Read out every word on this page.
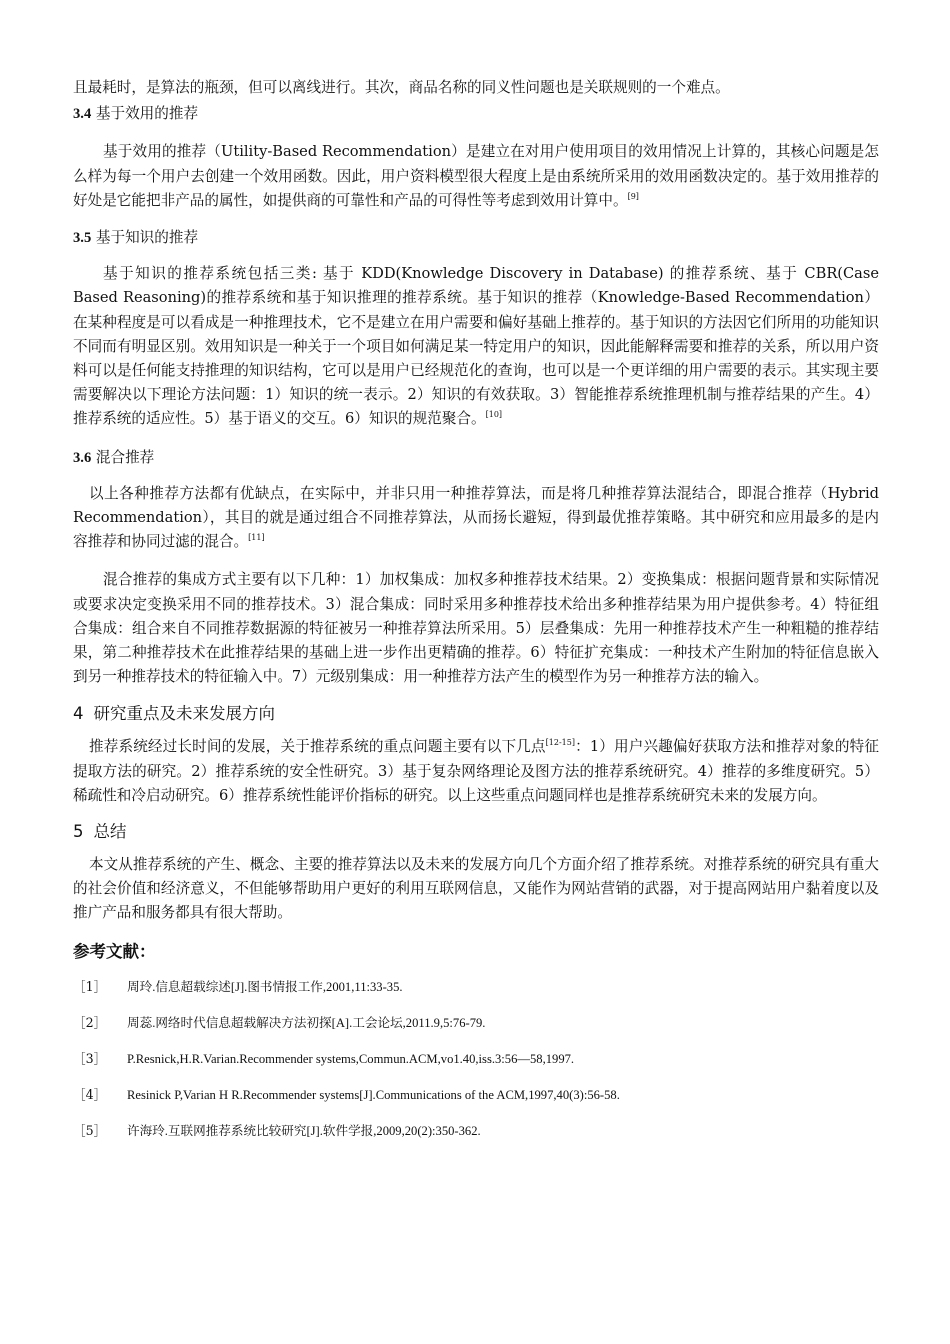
且最耗时，是算法的瓶颈，但可以离线进行。其次，商品名称的同义性问题也是关联规则的一个难点。

3.4 基于效用的推荐

基于效用的推荐（Utility-Based Recommendation）是建立在对用户使用项目的效用情况上计算的，其核心问题是怎么样为每一个用户去创建一个效用函数。因此，用户资料模型很大程度上是由系统所采用的效用函数决定的。基于效用推荐的好处是它能把非产品的属性，如提供商的可靠性和产品的可得性等考虑到效用计算中。[9]

3.5 基于知识的推荐

基于知识的推荐系统包括三类: 基于 KDD(Knowledge Discovery in Database) 的推荐系统、基于 CBR(Case Based Reasoning)的推荐系统和基于知识推理的推荐系统。基于知识的推荐（Knowledge-Based Recommendation）在某种程度是可以看成是一种推理技术，它不是建立在用户需要和偏好基础上推荐的。基于知识的方法因它们所用的功能知识不同而有明显区别。效用知识是一种关于一个项目如何满足某一特定用户的知识，因此能解释需要和推荐的关系，所以用户资料可以是任何能支持推理的知识结构，它可以是用户已经规范化的查询，也可以是一个更详细的用户需要的表示。其实现主要需要解决以下理论方法问题：1）知识的统一表示。2）知识的有效获取。3）智能推荐系统推理机制与推荐结果的产生。4）推荐系统的适应性。5）基于语义的交互。6）知识的规范聚合。[10]

3.6 混合推荐

以上各种推荐方法都有优缺点，在实际中，并非只用一种推荐算法，而是将几种推荐算法混结合，即混合推荐（Hybrid Recommendation），其目的就是通过组合不同推荐算法，从而扬长避短，得到最优推荐策略。其中研究和应用最多的是内容推荐和协同过滤的混合。[11]

混合推荐的集成方式主要有以下几种：1）加权集成：加权多种推荐技术结果。2）变换集成：根据问题背景和实际情况或要求决定变换采用不同的推荐技术。3）混合集成：同时采用多种推荐技术给出多种推荐结果为用户提供参考。4）特征组合集成：组合来自不同推荐数据源的特征被另一种推荐算法所采用。5）层叠集成：先用一种推荐技术产生一种粗糙的推荐结果，第二种推荐技术在此推荐结果的基础上进一步作出更精确的推荐。6）特征扩充集成：一种技术产生附加的特征信息嵌入到另一种推荐技术的特征输入中。7）元级别集成：用一种推荐方法产生的模型作为另一种推荐方法的输入。

4 研究重点及未来发展方向

推荐系统经过长时间的发展，关于推荐系统的重点问题主要有以下几点[12-15]：1）用户兴趣偏好获取方法和推荐对象的特征提取方法的研究。2）推荐系统的安全性研究。3）基于复杂网络理论及图方法的推荐系统研究。4）推荐的多维度研究。5）稀疏性和冷启动研究。6）推荐系统性能评价指标的研究。以上这些重点问题同样也是推荐系统研究未来的发展方向。

5 总结

本文从推荐系统的产生、概念、主要的推荐算法以及未来的发展方向几个方面介绍了推荐系统。对推荐系统的研究具有重大的社会价值和经济意义，不但能够帮助用户更好的利用互联网信息，又能作为网站营销的武器，对于提高网站用户黏着度以及推广产品和服务都具有很大帮助。

参考文献：
［1］	周玲.信息超载综述[J].图书情报工作,2001,11:33-35.
［2］	周蕊.网络时代信息超载解决方法初探[A].工会论坛,2011.9,5:76-79.
［3］	P.Resnick,H.R.Varian.Recommender systems,Commun.ACM,vo1.40,iss.3:56—58,1997.
［4］	Resinick P,Varian H R.Recommender systems[J].Communications of the ACM,1997,40(3):56-58.
［5］	许海玲.互联网推荐系统比较研究[J].软件学报,2009,20(2):350-362.
